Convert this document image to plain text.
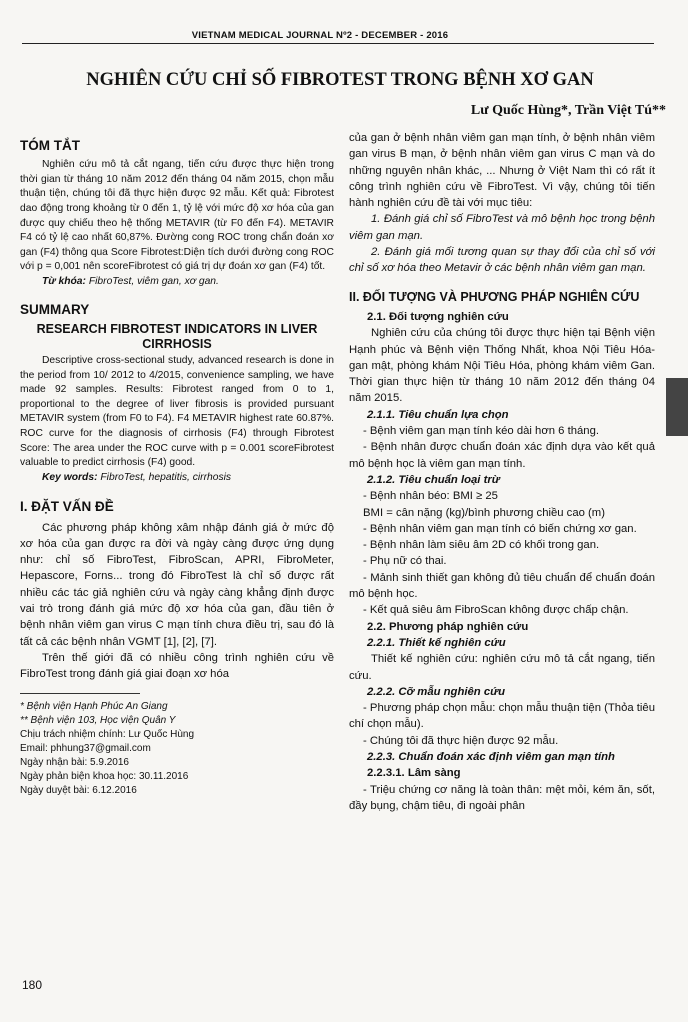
VIETNAM MEDICAL JOURNAL Nº2 - DECEMBER - 2016
NGHIÊN CỨU CHỈ SỐ FIBROTEST TRONG BỆNH XƠ GAN
Lư Quốc Hùng*, Trần Việt Tú**
TÓM TẮT

Nghiên cứu mô tả cắt ngang, tiến cứu được thực hiện trong thời gian từ tháng 10 năm 2012 đến tháng 04 năm 2015, chọn mẫu thuận tiện, chúng tôi đã thực hiện được 92 mẫu. Kết quả: Fibrotest dao động trong khoảng từ 0 đến 1, tỷ lệ với mức độ xơ hóa của gan được quy chiếu theo hệ thống METAVIR (từ F0 đến F4). METAVIR F4 có tỷ lệ cao nhất 60,87%. Đường cong ROC trong chẩn đoán xơ gan (F4) thông qua Score Fibrotest:Diện tích dưới đường cong ROC với p = 0,001 nên scoreFibrotest có giá trị dự đoán xơ gan (F4) tốt.

Từ khóa: FibroTest, viêm gan, xơ gan.

SUMMARY
RESEARCH FIBROTEST INDICATORS IN LIVER CIRRHOSIS

Descriptive cross-sectional study, advanced research is done in the period from 10/ 2012 to 4/2015, convenience sampling, we have made 92 samples. Results: Fibrotest ranged from 0 to 1, proportional to the degree of liver fibrosis is provided pursuant METAVIR system (from F0 to F4). F4 METAVIR highest rate 60.87%. ROC curve for the diagnosis of cirrhosis (F4) through Fibrotest Score: The area under the ROC curve with p = 0.001 scoreFibrotest valuable to predict cirrhosis (F4) good.

Key words: FibroTest, hepatitis, cirrhosis

I. ĐẶT VẤN ĐỀ

Các phương pháp không xâm nhập đánh giá ở mức độ xơ hóa của gan được ra đời và ngày càng được ứng dụng như: chỉ số FibroTest, FibroScan, APRI, FibroMeter, Hepascore, Forns... trong đó FibroTest là chỉ số được rất nhiều các tác giả nghiên cứu và ngày càng khẳng định được vai trò trong đánh giá mức độ xơ hóa của gan, đầu tiên ở bệnh nhân viêm gan virus C mạn tính chưa điều trị, sau đó là tất cả các bệnh nhân VGMT [1], [2], [7].

Trên thế giới đã có nhiều công trình nghiên cứu về FibroTest trong đánh giá giai đoạn xơ hóa

* Bệnh viện Hạnh Phúc An Giang
** Bệnh viện 103, Học viện Quân Y
Chịu trách nhiệm chính: Lư Quốc Hùng
Email: phhung37@gmail.com
Ngày nhận bài: 5.9.2016
Ngày phản biện khoa học: 30.11.2016
Ngày duyệt bài: 6.12.2016

của gan ở bệnh nhân viêm gan mạn tính, ở bệnh nhân viêm gan virus B mạn, ở bệnh nhân viêm gan virus C mạn và do những nguyên nhân khác, ... Nhưng ở Việt Nam thì có rất ít công trình nghiên cứu về FibroTest. Vì vậy, chúng tôi tiến hành nghiên cứu đề tài với mục tiêu:

1. Đánh giá chỉ số FibroTest và mô bệnh học trong bệnh viêm gan mạn.

2. Đánh giá mối tương quan sự thay đổi của chỉ số với chỉ số xơ hóa theo Metavir ở các bệnh nhân viêm gan mạn.

II. ĐỐI TƯỢNG VÀ PHƯƠNG PHÁP NGHIÊN CỨU
2.1. Đối tượng nghiên cứu

Nghiên cứu của chúng tôi được thực hiện tại Bệnh viện Hạnh phúc và Bệnh viện Thống Nhất, khoa Nội Tiêu Hóa-gan mật, phòng khám Nội Tiêu Hóa, phòng khám viêm Gan. Thời gian thực hiện từ tháng 10 năm 2012 đến tháng 04 năm 2015.

2.1.1. Tiêu chuẩn lựa chọn
- Bệnh viêm gan mạn tính kéo dài hơn 6 tháng.
- Bệnh nhân được chuẩn đoán xác định dựa vào kết quả mô bệnh học là viêm gan mạn tính.
2.1.2. Tiêu chuẩn loại trừ
- Bệnh nhân béo: BMI ≥ 25
BMI = cân nặng (kg)/bình phương chiều cao (m)
- Bệnh nhân viêm gan mạn tính có biến chứng xơ gan.
- Bệnh nhân làm siêu âm 2D có khối trong gan.
- Phụ nữ có thai.
- Mảnh sinh thiết gan không đủ tiêu chuẩn để chuẩn đoán mô bệnh học.
- Kết quả siêu âm FibroScan không được chấp chận.
2.2. Phương pháp nghiên cứu
2.2.1. Thiết kế nghiên cứu

Thiết kế nghiên cứu: nghiên cứu mô tả cắt ngang, tiến cứu.

2.2.2. Cỡ mẫu nghiên cứu
- Phương pháp chọn mẫu: chọn mẫu thuận tiện (Thỏa tiêu chí chọn mẫu).
- Chúng tôi đã thực hiện được 92 mẫu.
2.2.3. Chuẩn đoán xác định viêm gan mạn tính
2.2.3.1. Lâm sàng
- Triệu chứng cơ năng là toàn thân: mệt mỏi, kém ăn, sốt, đầy bụng, chậm tiêu, đi ngoài phân
180
